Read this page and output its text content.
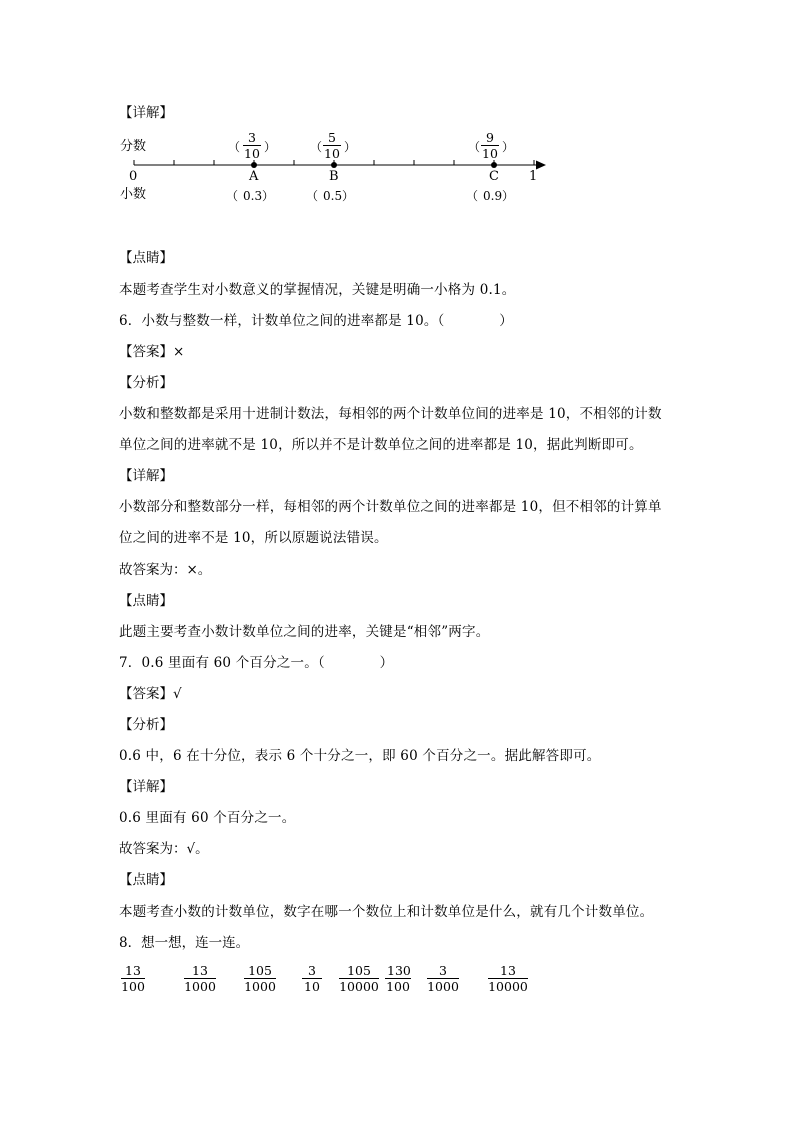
【详解】
分数
小数
0	1
（ $\frac{3}{10}$ ）
A
（ 0.3 ）
（ $\frac{5}{10}$ ）
B
（ 0.5 ）
（ $\frac{9}{10}$ ）
C
（ 0.9 ）
【点睛】
本题考查学生对小数意义的掌握情况，关键是明确一小格为 0.1。
6．小数与整数一样，计数单位之间的进率都是 10。（　　　　）
【答案】×
【分析】
小数和整数都是采用十进制计数法，每相邻的两个计数单位间的进率是 10，不相邻的计数
单位之间的进率就不是 10，所以并不是计数单位之间的进率都是 10，据此判断即可。
【详解】
小数部分和整数部分一样，每相邻的两个计数单位之间的进率都是 10，但不相邻的计算单
位之间的进率不是 10，所以原题说法错误。
故答案为：×。
【点睛】
此题主要考查小数计数单位之间的进率，关键是“相邻”两字。
7．0.6 里面有 60 个百分之一。（　　　　）
【答案】√
【分析】
0.6 中，6 在十分位，表示 6 个十分之一，即 60 个百分之一。据此解答即可。
【详解】
0.6 里面有 60 个百分之一。
故答案为：√。
【点睛】
本题考查小数的计数单位，数字在哪一个数位上和计数单位是什么，就有几个计数单位。
8．想一想，连一连。
$\frac{13}{100}$	$\frac{13}{1000} \frac{105}{1000} \frac{3}{10} \frac{105}{10000} \frac{130}{100} \frac{3}{1000} \frac{13}{10000}$
